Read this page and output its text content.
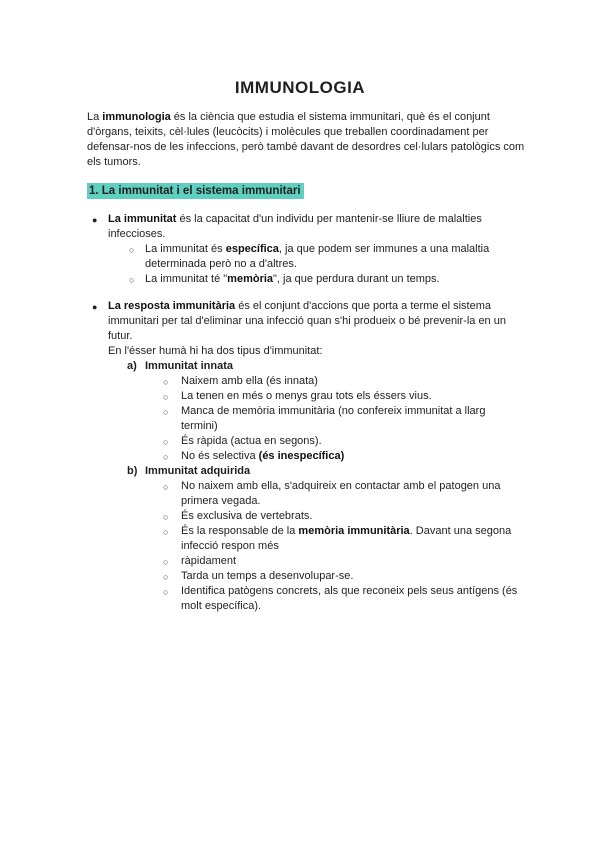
IMMUNOLOGIA
La immunologia és la ciència que estudia el sistema immunitari, què és el conjunt d'òrgans, teixits, cèl·lules (leucòcits) i molècules que treballen coordinadament per defensar-nos de les infeccions, però també davant de desordres cel·lulars patològics com els tumors.
1. La immunitat i el sistema immunitari
● La immunitat és la capacitat d'un individu per mantenir-se lliure de malalties
infeccioses.
○ La immunitat és específica, ja que podem ser immunes a una malaltia
determinada però no a d'altres.
○ La immunitat té "memòria", ja que perdura durant un temps.
● La resposta immunitària és el conjunt d'accions que porta a terme el sistema
immunitari per tal d'eliminar una infecció quan s'hi produeix o bé prevenir-la en un
futur.
En l'ésser humà hi ha dos tipus d'immunitat:
a) Immunitat innata
○ Naixem amb ella (és innata)
○ La tenen en més o menys grau tots els éssers vius.
○ Manca de memòria immunitària (no confereix immunitat a llarg
termini)
○ És ràpida (actua en segons).
○ No és selectiva (és inespecífica)
b) Immunitat adquirida
○ No naixem amb ella, s'adquireix en contactar amb el patogen una
primera vegada.
○ És exclusiva de vertebrats.
○ És la responsable de la memòria immunitària. Davant una segona
infecció respon més
○ ràpidament
○ Tarda un temps a desenvolupar-se.
○ Identifica patògens concrets, als que reconeix pels seus antígens (és
molt específica).
